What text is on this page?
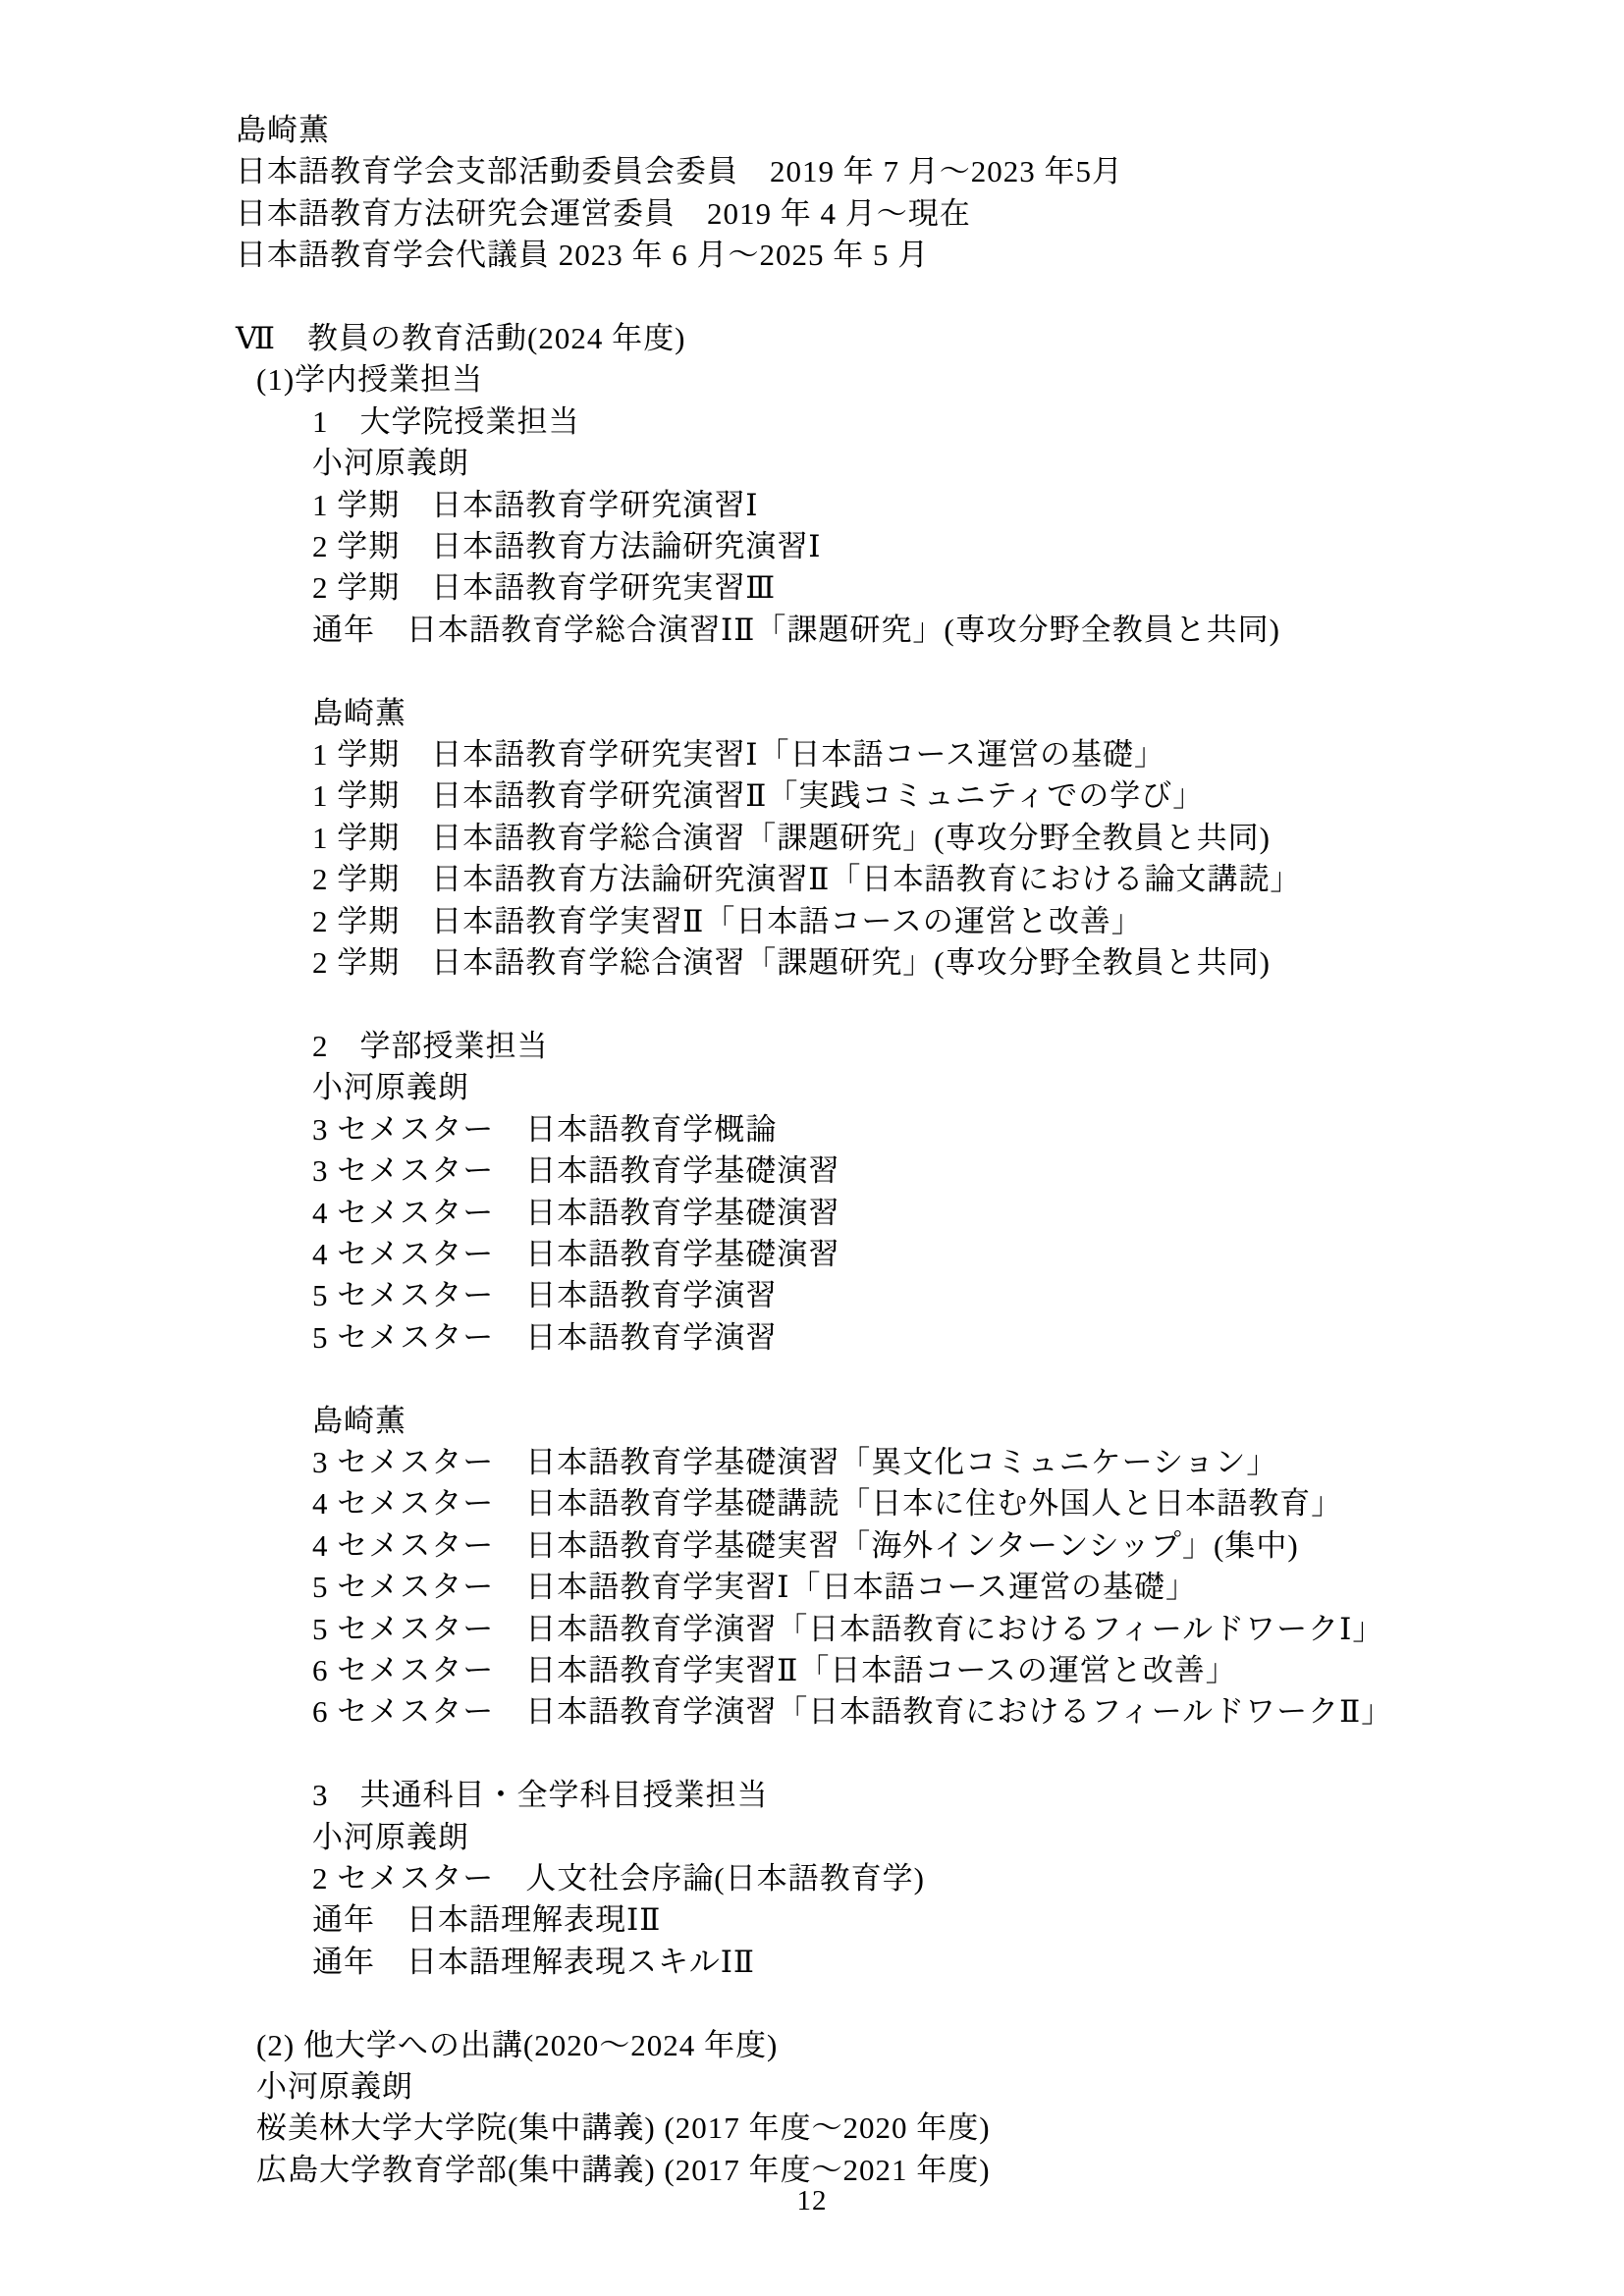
島崎薫
日本語教育学会支部活動委員会委員　2019 年 7 月～2023 年5月
日本語教育方法研究会運営委員　2019 年 4 月～現在
日本語教育学会代議員 2023 年 6 月～2025 年 5 月
Ⅶ　教員の教育活動(2024 年度)
(1)学内授業担当
1　大学院授業担当
小河原義朗
1 学期　日本語教育学研究演習Ⅰ
2 学期　日本語教育方法論研究演習Ⅰ
2 学期　日本語教育学研究実習Ⅲ
通年　日本語教育学総合演習ⅠⅡ「課題研究」(専攻分野全教員と共同)
島崎薫
1 学期　日本語教育学研究実習Ⅰ「日本語コース運営の基礎」
1 学期　日本語教育学研究演習Ⅱ「実践コミュニティでの学び」
1 学期　日本語教育学総合演習「課題研究」(専攻分野全教員と共同)
2 学期　日本語教育方法論研究演習Ⅱ「日本語教育における論文講読」
2 学期　日本語教育学実習Ⅱ「日本語コースの運営と改善」
2 学期　日本語教育学総合演習「課題研究」(専攻分野全教員と共同)
2　学部授業担当
小河原義朗
3 セメスター　日本語教育学概論
3 セメスター　日本語教育学基礎演習
4 セメスター　日本語教育学基礎演習
4 セメスター　日本語教育学基礎演習
5 セメスター　日本語教育学演習
5 セメスター　日本語教育学演習
島崎薫
3 セメスター　日本語教育学基礎演習「異文化コミュニケーション」
4 セメスター　日本語教育学基礎講読「日本に住む外国人と日本語教育」
4 セメスター　日本語教育学基礎実習「海外インターンシップ」(集中)
5 セメスター　日本語教育学実習Ⅰ「日本語コース運営の基礎」
5 セメスター　日本語教育学演習「日本語教育におけるフィールドワークⅠ」
6 セメスター　日本語教育学実習Ⅱ「日本語コースの運営と改善」
6 セメスター　日本語教育学演習「日本語教育におけるフィールドワークⅡ」
3　共通科目・全学科目授業担当
小河原義朗
2 セメスター　人文社会序論(日本語教育学)
通年　日本語理解表現ⅠⅡ
通年　日本語理解表現スキルⅠⅡ
(2) 他大学への出講(2020～2024 年度)
小河原義朗
桜美林大学大学院(集中講義) (2017 年度～2020 年度)
広島大学教育学部(集中講義) (2017 年度～2021 年度)
12
